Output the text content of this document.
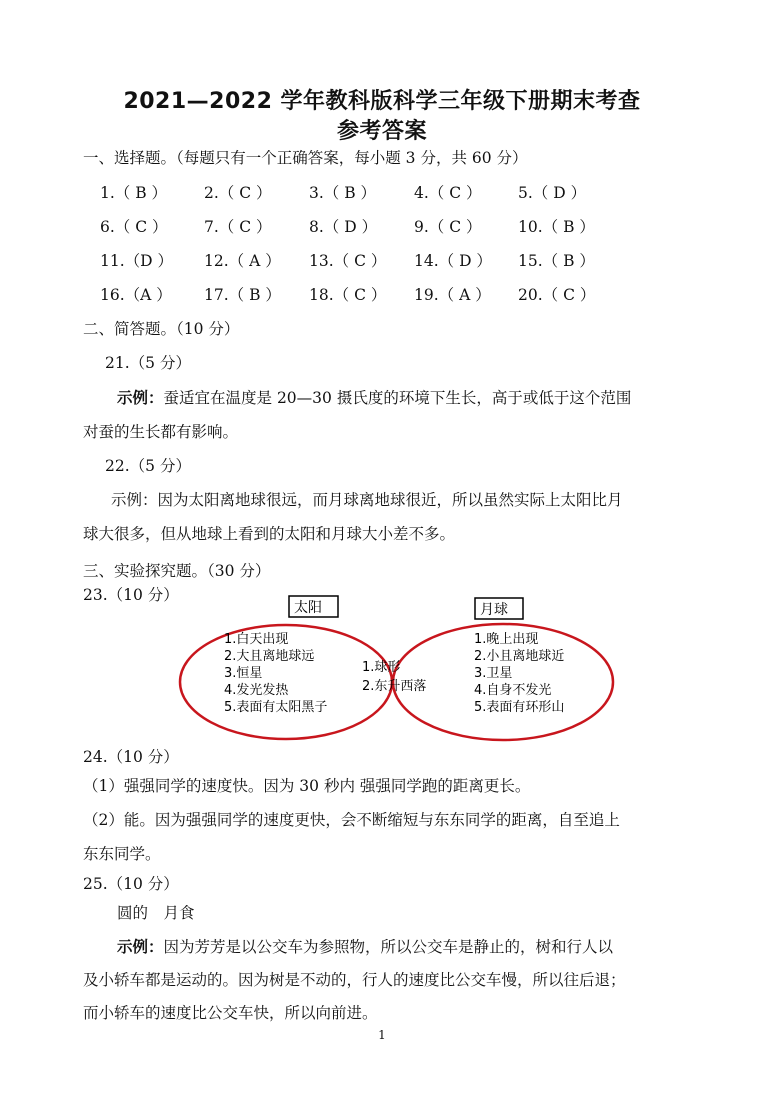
2021—2022 学年教科版科学三年级下册期末考查
参考答案
一、选择题。（每题只有一个正确答案，每小题 3 分，共 60 分）
1.（ B ） 2.（ C ） 3.（ B ） 4.（ C ） 5.（ D ）
6.（ C ） 7.（ C ） 8.（ D ） 9.（ C ） 10.（ B ）
11.（D ） 12.（ A ） 13.（ C ） 14.（ D ） 15.（ B ）
16.（A ） 17.（ B ） 18.（ C ） 19.（ A ） 20.（ C ）
二、简答题。（10 分）
21.（5 分）
示例：蚕适宜在温度是 20—30 摄氏度的环境下生长，高于或低于这个范围
对蚕的生长都有影响。
22.（5 分）
示例：因为太阳离地球很远，而月球离地球很近，所以虽然实际上太阳比月
球大很多，但从地球上看到的太阳和月球大小差不多。
三、实验探究题。（30 分）
23.（10 分）
太阳	月球
1.白天出现
2.大且离地球远
3.恒星
4.发光发热
5.表面有太阳黑子
1.球形
2.东升西落
1.晚上出现
2.小且离地球近
3.卫星
4.自身不发光
5.表面有环形山
24.（10 分）
（1）强强同学的速度快。因为 30 秒内 强强同学跑的距离更长。
（2）能。因为强强同学的速度更快，会不断缩短与东东同学的距离，自至追上
东东同学。
25.（10 分）
圆的　月食
示例：因为芳芳是以公交车为参照物，所以公交车是静止的，树和行人以
及小轿车都是运动的。因为树是不动的，行人的速度比公交车慢，所以往后退；
而小轿车的速度比公交车快，所以向前进。
1
